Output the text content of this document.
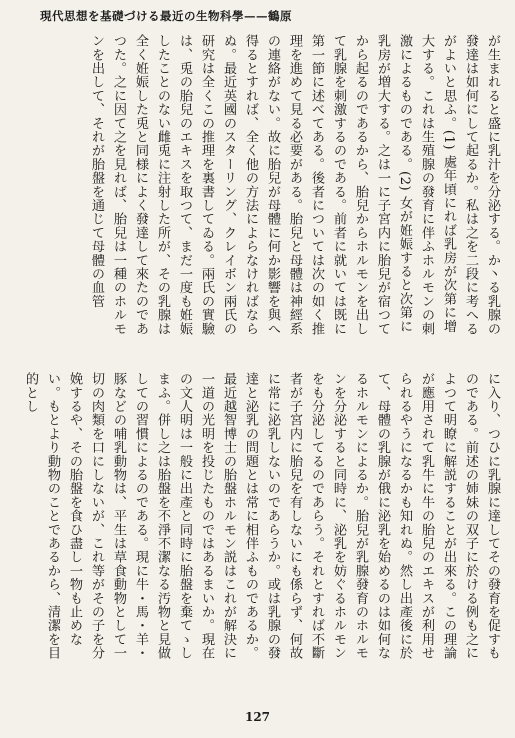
現代思想を基礎づける最近の生物科學——鶴原

が生まれると盛に乳汁を分泌する。か丶る乳腺の發達は如何にして起るか。私は之を二段に考へるがよいと思ふ。(1) 處年頃にれば乳房が次第に增大する。これは生殖腺の發育に伴ふホルモンの刺激によるものである。(2) 女が姙娠すると次第に乳房が増大する。之は一に子宮内に胎兒が宿つてから起るのであるから、胎兒からホルモンを出して乳腺を刺激するのである。前者に就いては既に第一節に述べてある。後者については次の如く推理を進めて見る必要がある。胎兒と母體は神經系の連絡がない。故に胎兒が母體に何か影響を與へ得るとすれば、全く他の方法によらなければならぬ。最近英國のスターリング、クレイボン兩氏の研究は全くこの推理を裏書してゐる。兩氏の實驗は、兎の胎兒のエキスを取つて、まだ一度も姙娠したことのない雌兎に注射した所が、その乳腺は全く姙娠した兎と同様によく發達して來たのであつた。之に因て之を見れば、胎兒は一種のホルモンを出して、それが胎盤を通じて母體の血管

に入り、つひに乳腺に達してその發育を促すものである。前述の姉妹の双子に於ける例も之によつて明瞭に解説することが出來る。この理論が應用されて乳牛に牛の胎兒のエキスが利用せられるやうになるかも知れぬ。然し出產後に於て、母體の乳腺が俄に泌乳を始めるのは如何なるホルモンによるか。胎兒が乳腺發育のホルモンを分泌すると同時に、泌乳を妨ぐるホルモンをも分泌してるのであらう。それとすれば不斷者が子宮内に胎兒を有しないにも係らず、何故に常に泌乳しないのであらうか。或は乳腺の發達と泌乳の問題とは常に相伴ふものであるか。最近越智博士の胎盤ホルモン説はこれが解決に一道の光明を投じたものではあるまいか。現在の文人明は一般に出產と同時に胎盤を棄てゝしまふ。併し之は胎盤を不淨不潔なる汚物と見做しての習慣によるのである。現に牛・馬・羊・豚などの哺乳動物は、平生は草食動物として一切の肉類を口にしないが、これ等がその子を分娩するや、その胎盤を食ひ盡し一物も止めない。もとより動物のことであるから、清潔を目的とし

127
